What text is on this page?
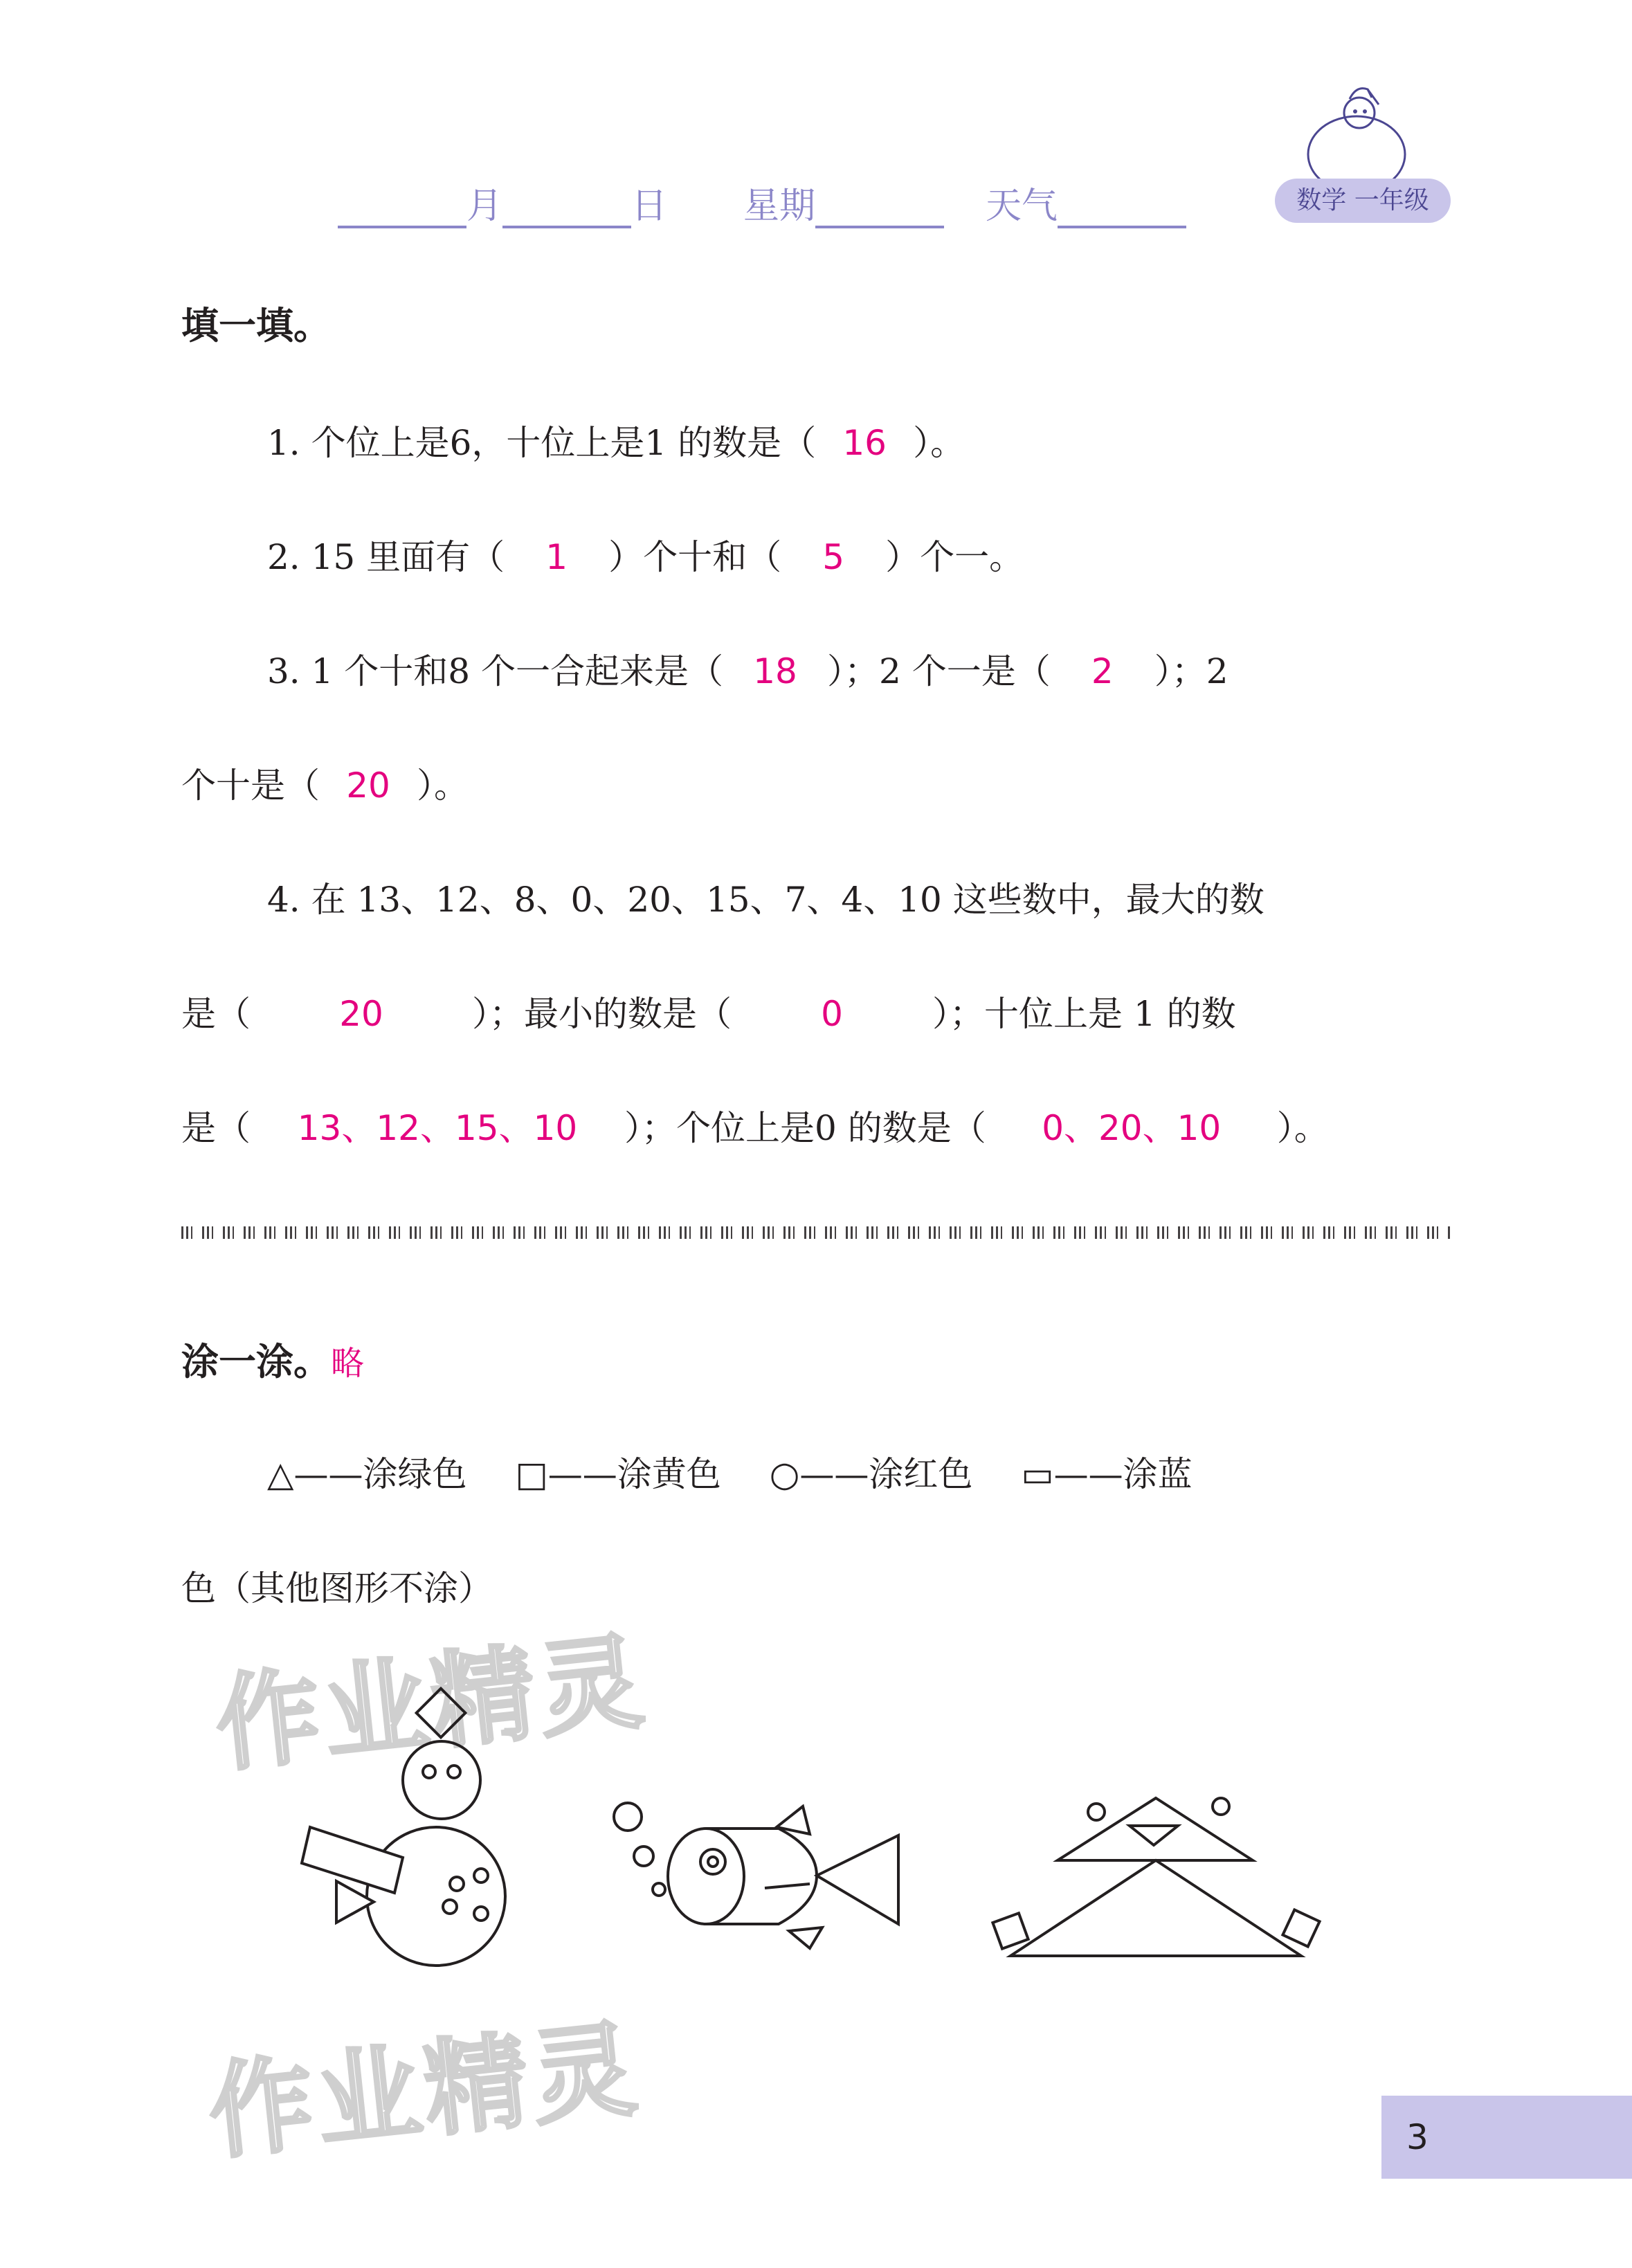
月	日 星期	天气	数学 一年级
填一填。
1. 个位上是6，十位上是1 的数是（ 16 ）。
2. 15 里面有（ 1 ）个十和（ 5 ）个一。
3. 1 个十和8 个一合起来是（ 18 ）；2 个一是（ 2 ）；2
个十是（ 20 ）。
4. 在 13、12、8、0、20、15、7、4、10 这些数中，最大的数
是（	20	）；最小的数是（	0	）；十位上是 1 的数
是（ 13、12、15、10 ）；个位上是0 的数是（ 0、20、10 ）。
涂一涂。略
△——涂绿色 □——涂黄色 ○——涂红色 ▭——涂蓝
色（其他图形不涂）
作业精灵
作业精灵	3
